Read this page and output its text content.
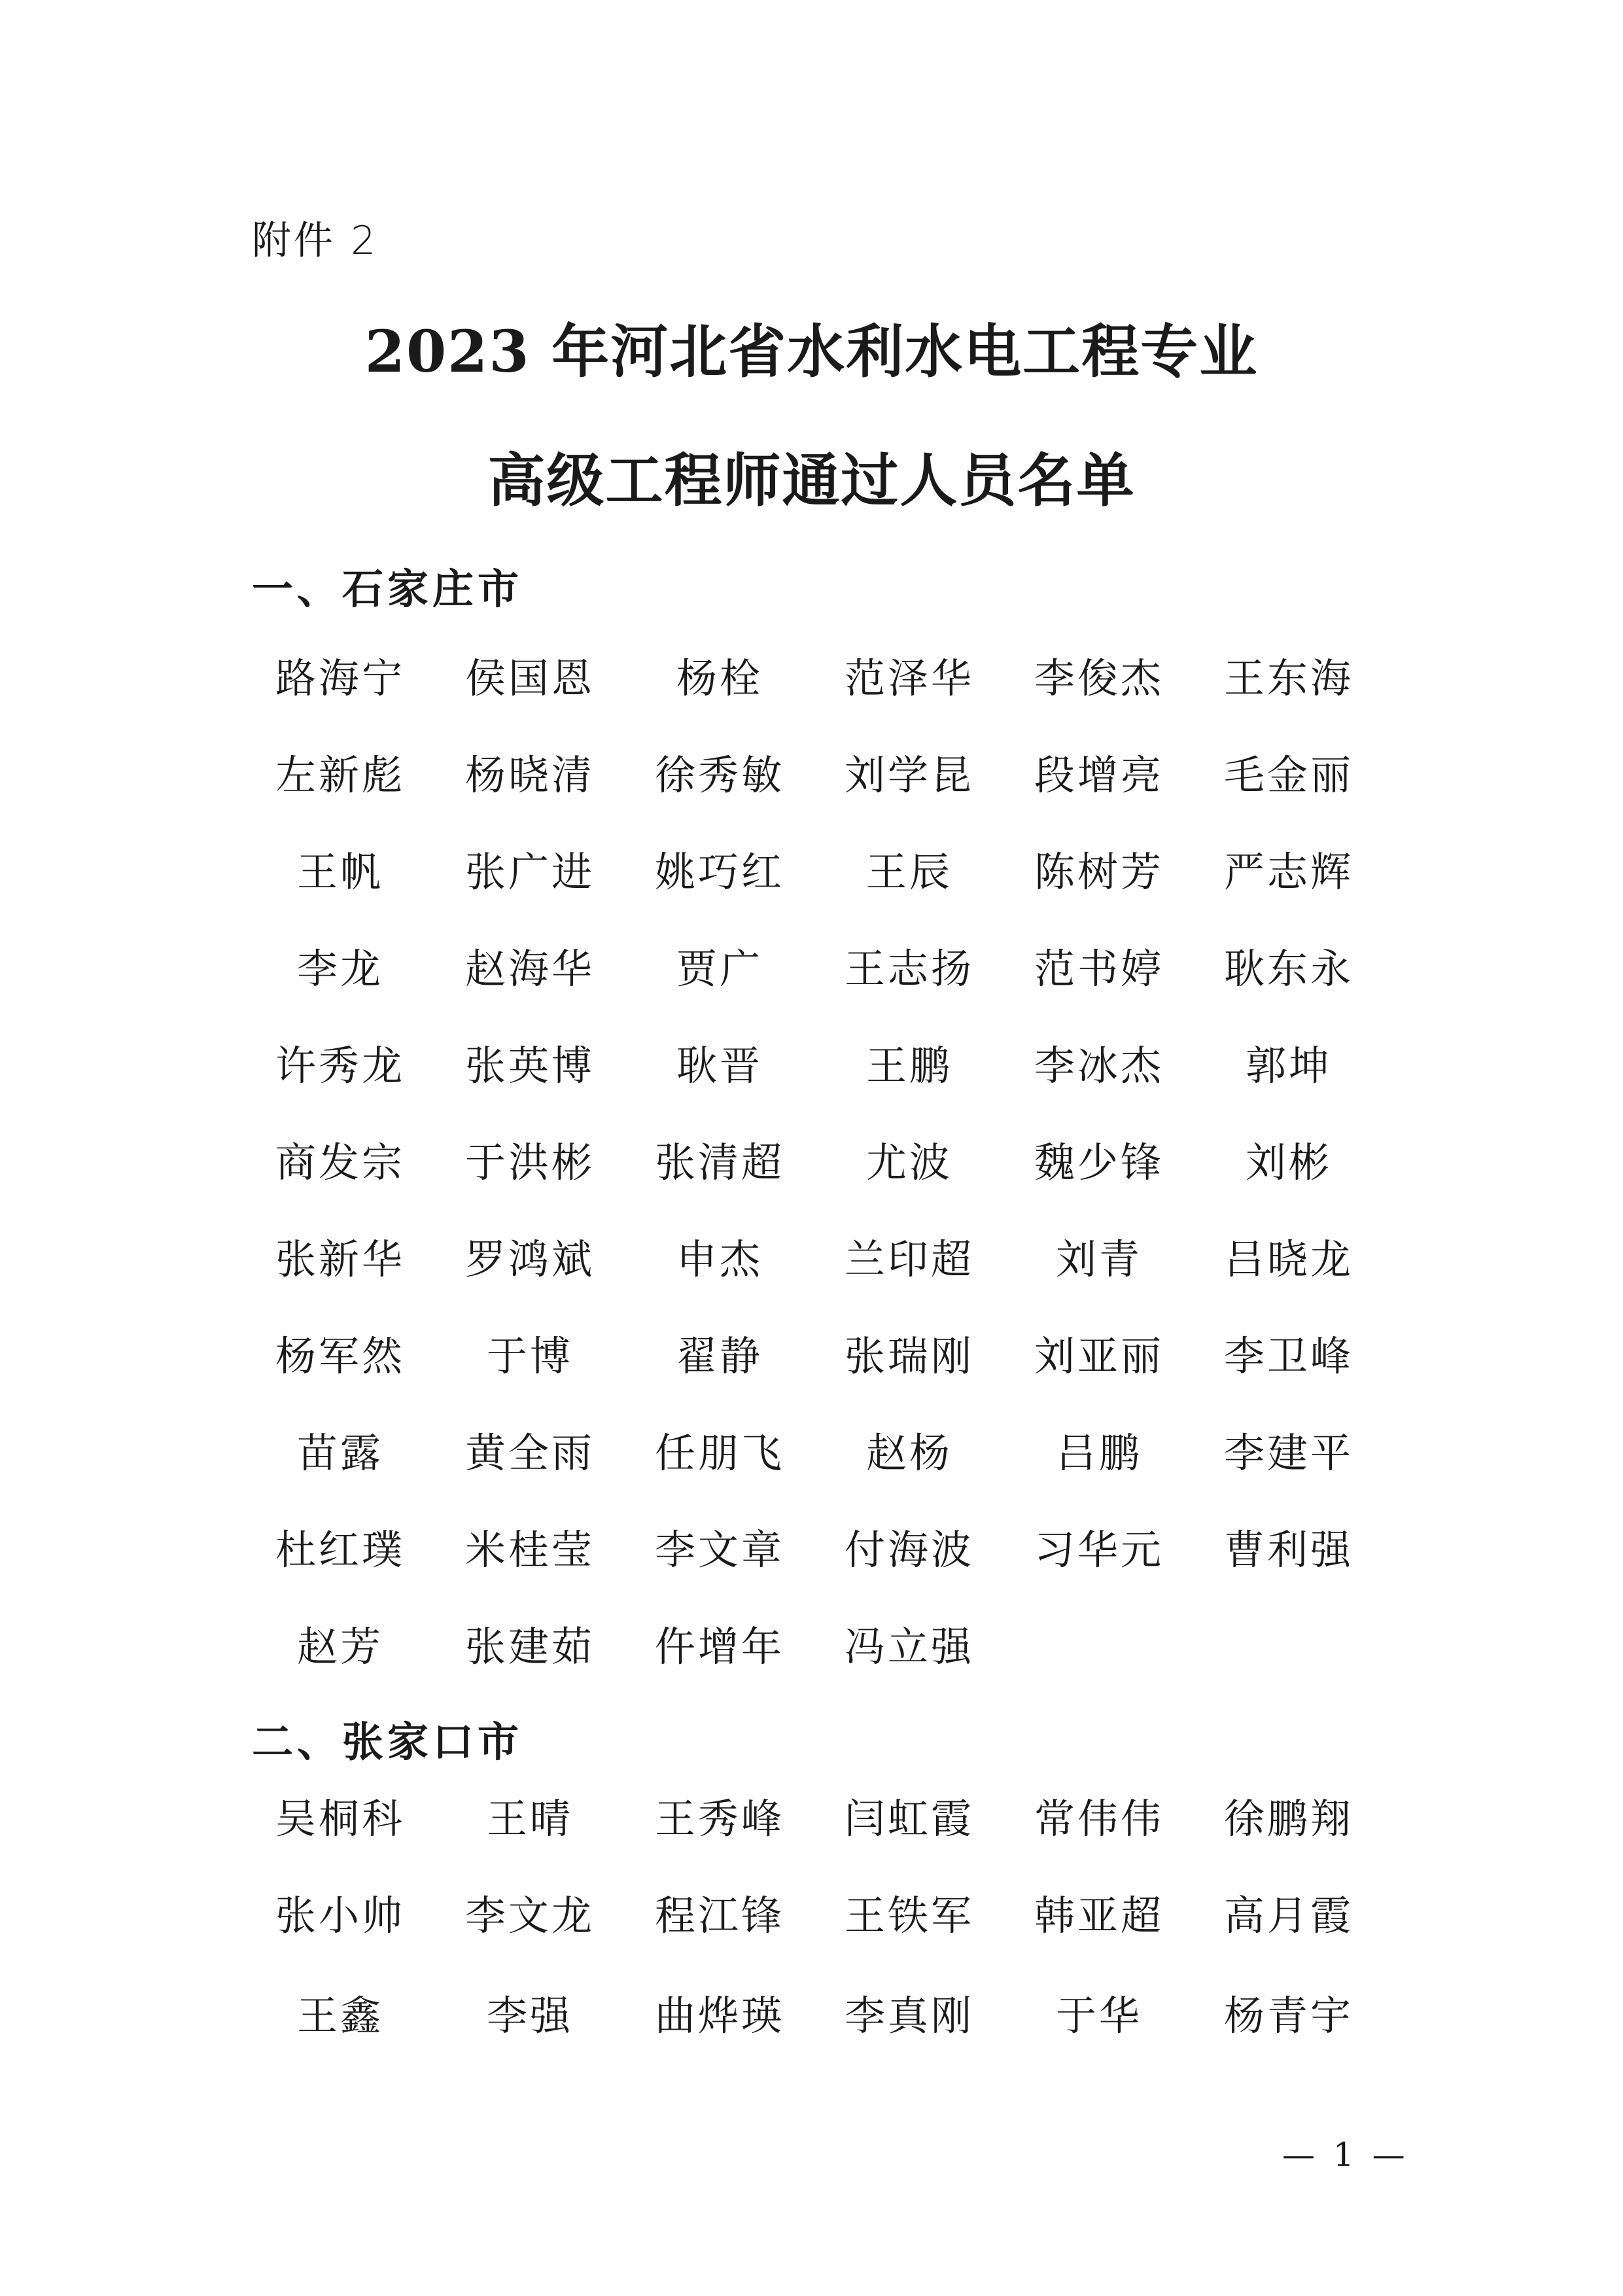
附件 2
2023 年河北省水利水电工程专业
高级工程师通过人员名单
一、石家庄市
路海宁	侯国恩	杨栓	范泽华	李俊杰	王东海
左新彪	杨晓清	徐秀敏	刘学昆	段增亮	毛金丽
王帆	张广进	姚巧红	王辰	陈树芳	严志辉
李龙	赵海华	贾广	王志扬	范书婷	耿东永
许秀龙	张英博	耿晋	王鹏	李冰杰	郭坤
商发宗	于洪彬	张清超	尤波	魏少锋	刘彬
张新华	罗鸿斌	申杰	兰印超	刘青	吕晓龙
杨军然	于博	翟静	张瑞刚	刘亚丽	李卫峰
苗露	黄全雨	任朋飞	赵杨	吕鹏	李建平
杜红璞	米桂莹	李文章	付海波	习华元	曹利强
赵芳	张建茹	仵增年	冯立强
二、张家口市
吴桐科	王晴	王秀峰	闫虹霞	常伟伟	徐鹏翔
张小帅	李文龙	程江锋	王铁军	韩亚超	高月霞
王鑫	李强	曲烨瑛	李真刚	于华	杨青宇
— 1 —
